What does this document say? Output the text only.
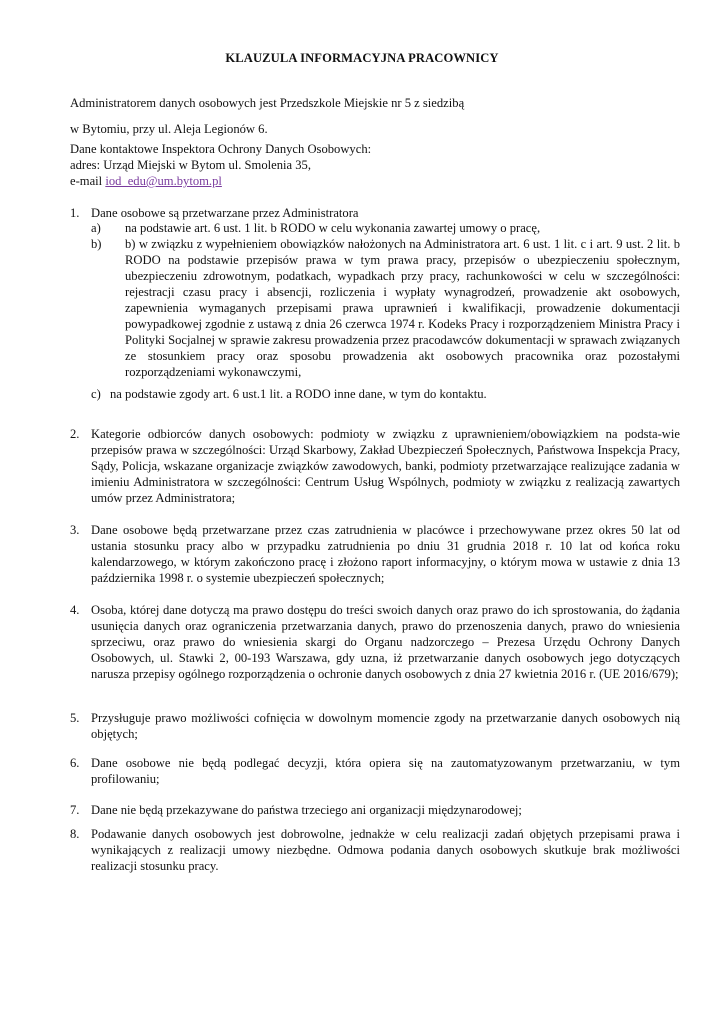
KLAUZULA INFORMACYJNA PRACOWNICY
Administratorem danych osobowych jest Przedszkole Miejskie nr 5 z siedzibą
w Bytomiu, przy ul. Aleja Legionów 6.
Dane kontaktowe Inspektora Ochrony Danych Osobowych:
adres: Urząd Miejski w Bytom ul. Smolenia 35,
e-mail iod_edu@um.bytom.pl
1. Dane osobowe są przetwarzane przez Administratora
a) na podstawie art. 6 ust. 1 lit. b RODO w celu wykonania zawartej umowy o pracę,
b) b) w związku z wypełnieniem obowiązków nałożonych na Administratora art. 6 ust. 1 lit. c i art. 9 ust. 2 lit. b RODO na podstawie przepisów prawa w tym prawa pracy, przepisów o ubezpieczeniu społecznym, ubezpieczeniu zdrowotnym, podatkach, wypadkach przy pracy, rachunkowości w celu w szczególności: rejestracji czasu pracy i absencji, rozliczenia i wypłaty wynagrodzeń, prowadzenie akt osobowych, zapewnienia wymaganych przepisami prawa uprawnień i kwalifikacji, prowadzenie dokumentacji powypadkowej zgodnie z ustawą z dnia 26 czerwca 1974 r. Kodeks Pracy i rozporządzeniem Ministra Pracy i Polityki Socjalnej w sprawie zakresu prowadzenia przez pracodawców dokumentacji w sprawach związanych ze stosunkiem pracy oraz sposobu prowadzenia akt osobowych pracownika oraz pozostałymi rozporządzeniami wykonawczymi,
c) na podstawie zgody art. 6 ust.1 lit. a RODO inne dane, w tym do kontaktu.
2. Kategorie odbiorców danych osobowych: podmioty w związku z uprawnieniem/obowiązkiem na podsta-wie przepisów prawa w szczególności: Urząd Skarbowy, Zakład Ubezpieczeń Społecznych, Państwowa Inspekcja Pracy, Sądy, Policja, wskazane organizacje związków zawodowych, banki, podmioty przetwarzające realizujące zadania w imieniu Administratora w szczególności: Centrum Usług Wspólnych, podmioty w związku z realizacją zawartych umów przez Administratora;
3. Dane osobowe będą przetwarzane przez czas zatrudnienia w placówce i przechowywane przez okres 50 lat od ustania stosunku pracy albo w przypadku zatrudnienia po dniu 31 grudnia 2018 r. 10 lat od końca roku kalendarzowego, w którym zakończono pracę i złożono raport informacyjny, o którym mowa w ustawie z dnia 13 października 1998 r. o systemie ubezpieczeń społecznych;
4. Osoba, której dane dotyczą ma prawo dostępu do treści swoich danych oraz prawo do ich sprostowania, do żądania usunięcia danych oraz ograniczenia przetwarzania danych, prawo do przenoszenia danych, prawo do wniesienia sprzeciwu, oraz prawo do wniesienia skargi do Organu nadzorczego – Prezesa Urzędu Ochrony Danych Osobowych, ul. Stawki 2, 00-193 Warszawa, gdy uzna, iż przetwarzanie danych osobowych jego dotyczących narusza przepisy ogólnego rozporządzenia o ochronie danych osobowych z dnia 27 kwietnia 2016 r. (UE 2016/679);
5. Przysługuje prawo możliwości cofnięcia w dowolnym momencie zgody na przetwarzanie danych osobowych nią objętych;
6. Dane osobowe nie będą podlegać decyzji, która opiera się na zautomatyzowanym przetwarzaniu, w tym profilowaniu;
7. Dane nie będą przekazywane do państwa trzeciego ani organizacji międzynarodowej;
8. Podawanie danych osobowych jest dobrowolne, jednakże w celu realizacji zadań objętych przepisami prawa i wynikających z realizacji umowy niezbędne. Odmowa podania danych osobowych skutkuje brak możliwości realizacji stosunku pracy.
